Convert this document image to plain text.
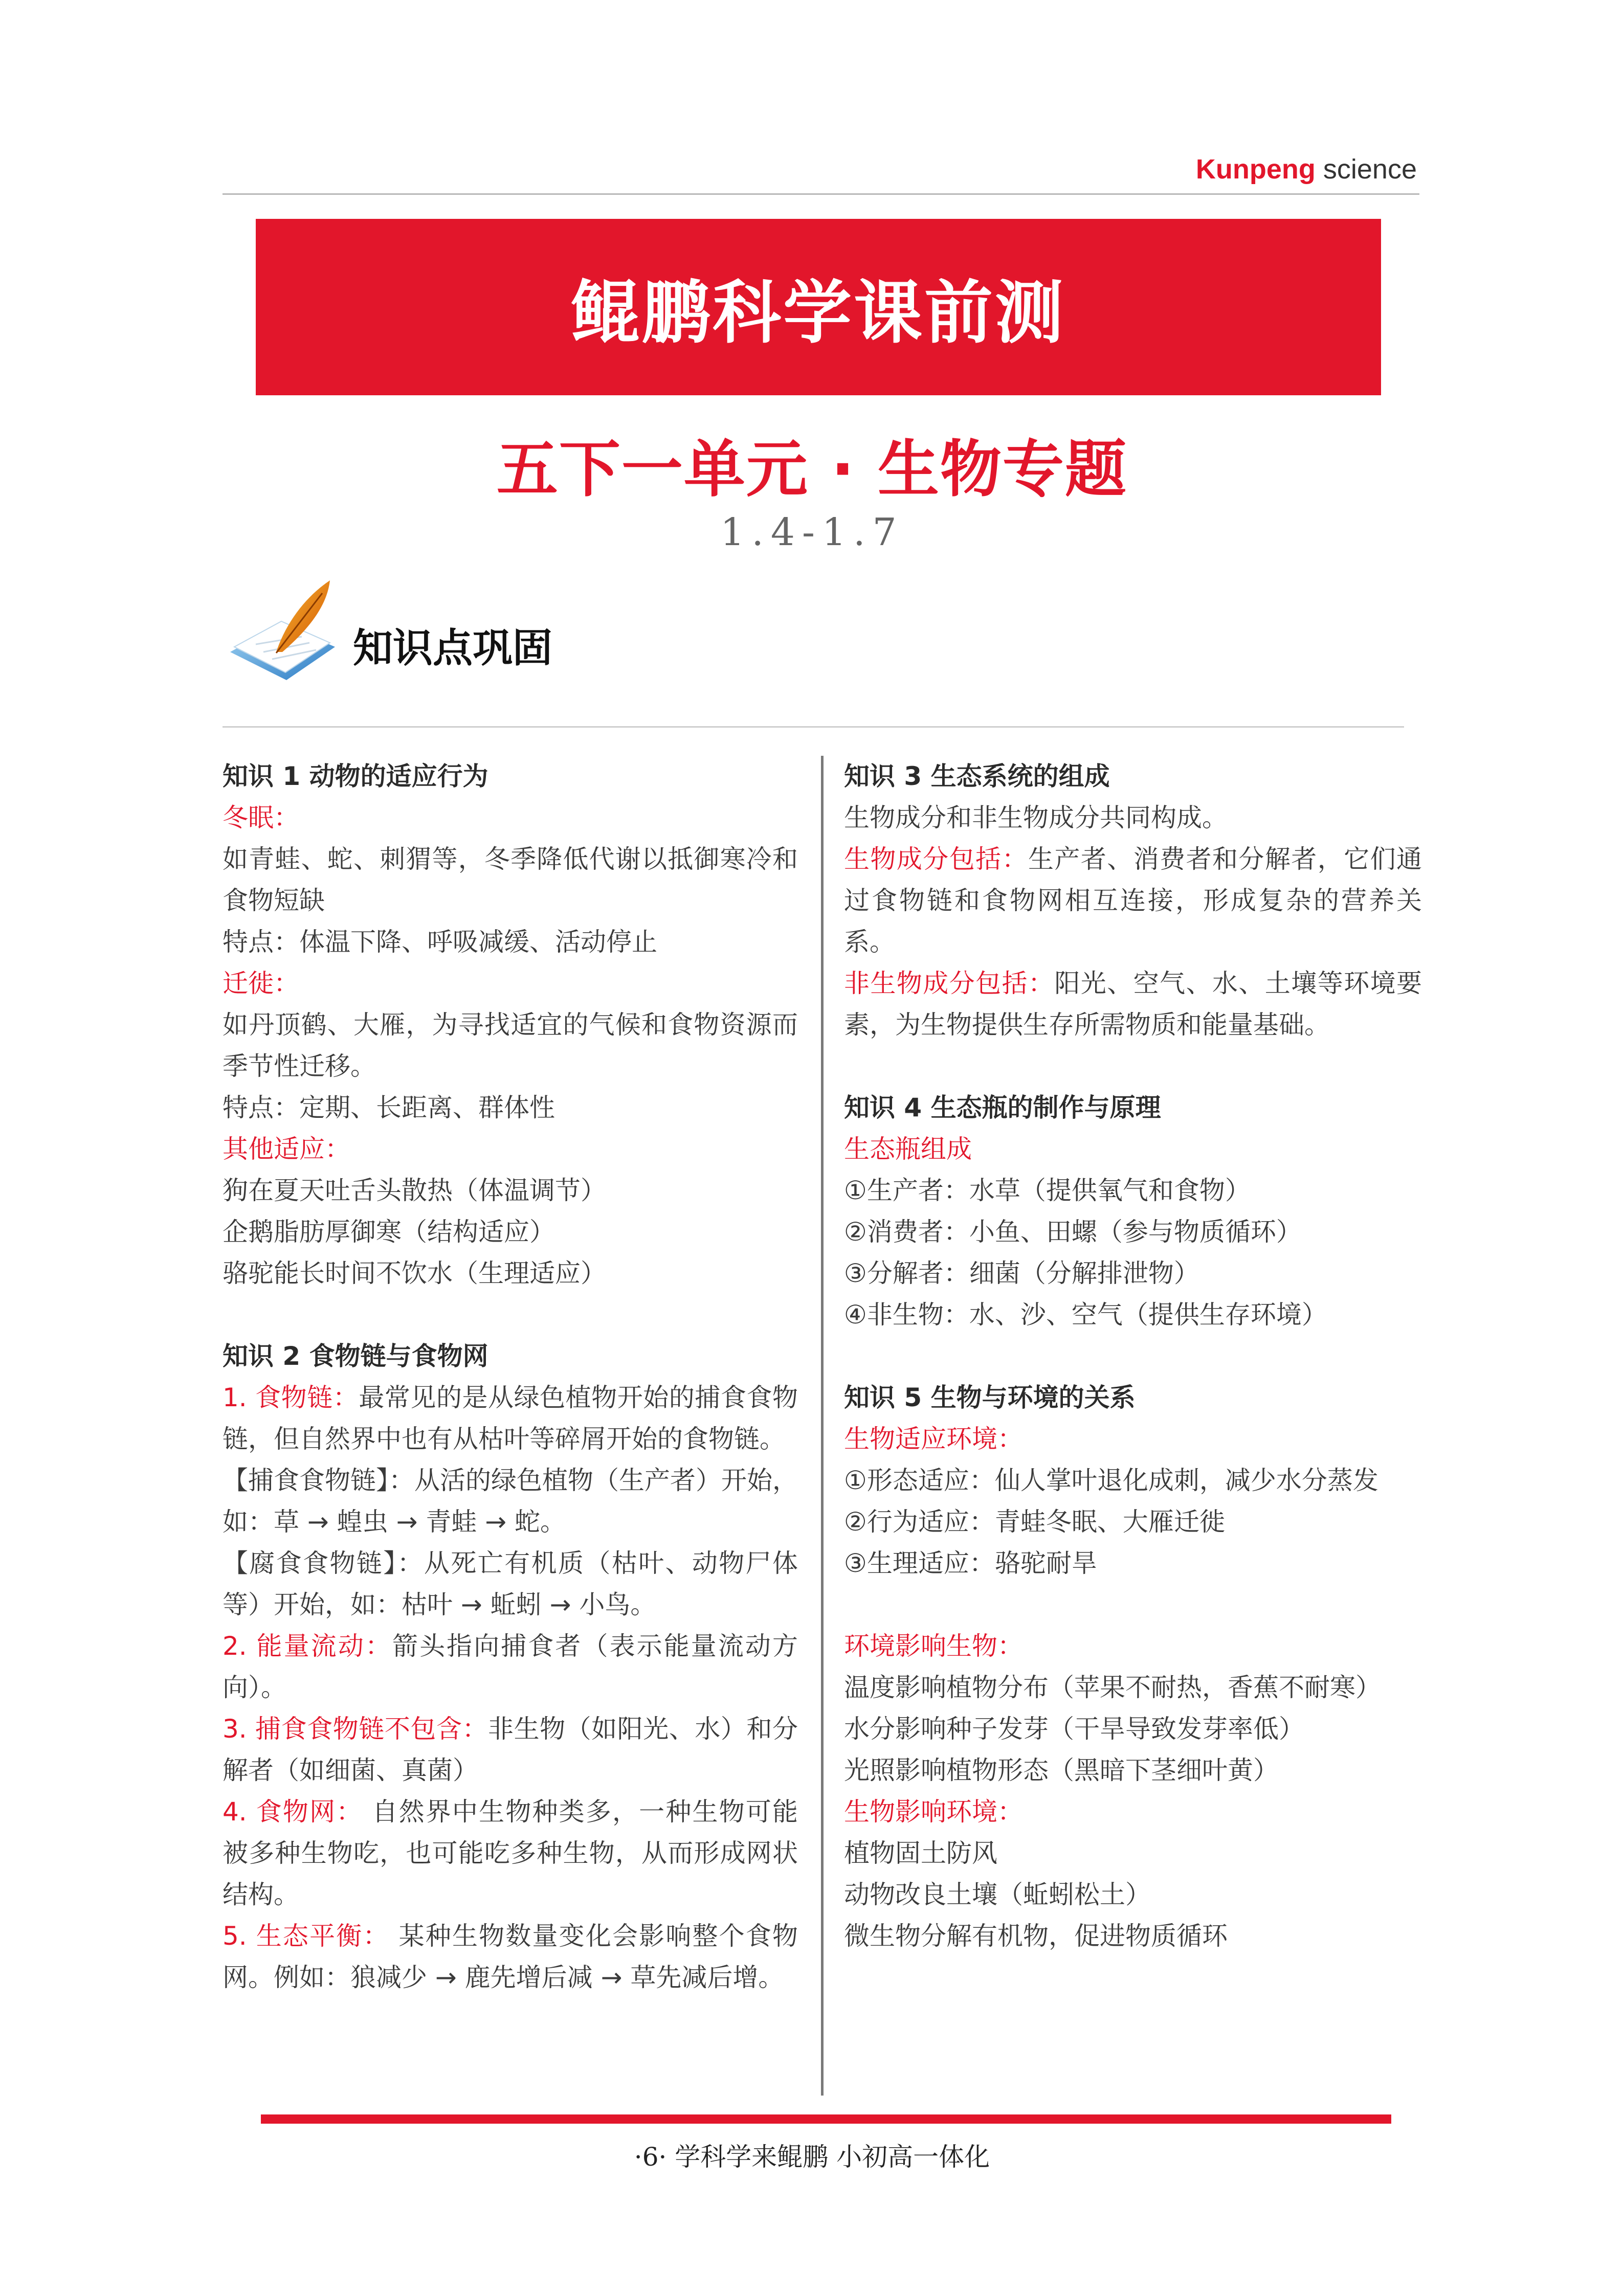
Kunpeng science
鲲鹏科学课前测
五下一单元 · 生物专题
1.4-1.7
知识点巩固

知识 1 动物的适应行为

冬眠：

如青蛙、蛇、刺猬等，冬季降低代谢以抵御寒冷和食物短缺

特点：体温下降、呼吸减缓、活动停止

迁徙：

如丹顶鹤、大雁，为寻找适宜的气候和食物资源而季节性迁移。

特点：定期、长距离、群体性

其他适应：

狗在夏天吐舌头散热（体温调节）

企鹅脂肪厚御寒（结构适应）

骆驼能长时间不饮水（生理适应）

知识 2 食物链与食物网

1. 食物链：最常见的是从绿色植物开始的捕食食物链，但自然界中也有从枯叶等碎屑开始的食物链。

【捕食食物链】：从活的绿色植物（生产者）开始，如：草 → 蝗虫 → 青蛙 → 蛇。

【腐食食物链】：从死亡有机质（枯叶、动物尸体等）开始，如：枯叶 → 蚯蚓 → 小鸟。

2. 能量流动：箭头指向捕食者（表示能量流动方向）。

3. 捕食食物链不包含：非生物（如阳光、水）和分解者（如细菌、真菌）

4. 食物网： 自然界中生物种类多，一种生物可能被多种生物吃，也可能吃多种生物，从而形成网状结构。

5. 生态平衡： 某种生物数量变化会影响整个食物网。例如：狼减少 → 鹿先增后减 → 草先减后增。

知识 3 生态系统的组成

生物成分和非生物成分共同构成。

生物成分包括：生产者、消费者和分解者，它们通过食物链和食物网相互连接，形成复杂的营养关系。

非生物成分包括：阳光、空气、水、土壤等环境要素，为生物提供生存所需物质和能量基础。

知识 4 生态瓶的制作与原理

生态瓶组成

①生产者：水草（提供氧气和食物）

②消费者：小鱼、田螺（参与物质循环）

③分解者：细菌（分解排泄物）

④非生物：水、沙、空气（提供生存环境）

知识 5 生物与环境的关系

生物适应环境：

①形态适应：仙人掌叶退化成刺，减少水分蒸发

②行为适应：青蛙冬眠、大雁迁徙

③生理适应：骆驼耐旱

环境影响生物：

温度影响植物分布（苹果不耐热，香蕉不耐寒）

水分影响种子发芽（干旱导致发芽率低）

光照影响植物形态（黑暗下茎细叶黄）

生物影响环境：

植物固土防风

动物改良土壤（蚯蚓松土）

微生物分解有机物，促进物质循环

·6· 学科学来鲲鹏 小初高一体化
